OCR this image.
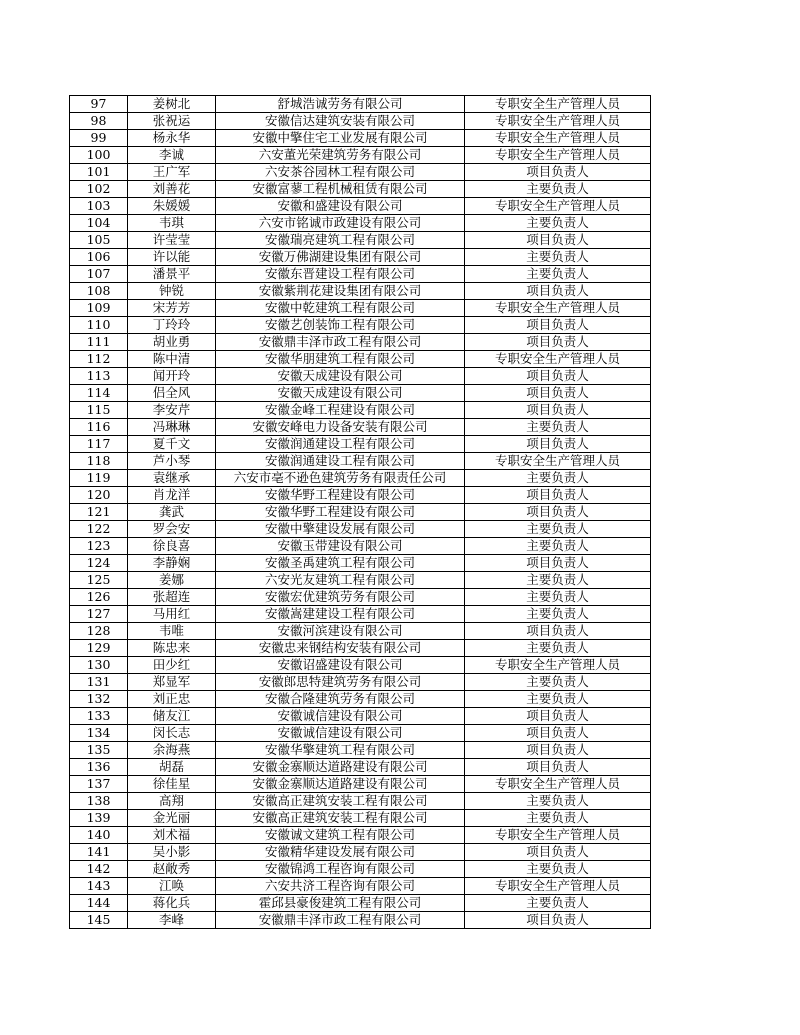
97	姜树北	舒城浩诚劳务有限公司	专职安全生产管理人员
98	张祝运	安徽信达建筑安装有限公司	专职安全生产管理人员
99	杨永华	安徽中擎住宅工业发展有限公司	专职安全生产管理人员
100	李诚	六安董光荣建筑劳务有限公司	专职安全生产管理人员
101	王广军	六安茶谷园林工程有限公司	项目负责人
102	刘善花	安徽富蓼工程机械租赁有限公司	主要负责人
103	朱媛媛	安徽和盛建设有限公司	专职安全生产管理人员
104	韦琪	六安市铭诚市政建设有限公司	主要负责人
105	许莹莹	安徽瑞亮建筑工程有限公司	项目负责人
106	许以能	安徽万佛湖建设集团有限公司	主要负责人
107	潘景平	安徽东晋建设工程有限公司	主要负责人
108	钟锐	安徽紫荆花建设集团有限公司	项目负责人
109	宋芳芳	安徽中乾建筑工程有限公司	专职安全生产管理人员
110	丁玲玲	安徽艺创装饰工程有限公司	项目负责人
111	胡业勇	安徽鼎丰泽市政工程有限公司	项目负责人
112	陈中清	安徽华朋建筑工程有限公司	专职安全生产管理人员
113	闻开玲	安徽天成建设有限公司	项目负责人
114	侣全风	安徽天成建设有限公司	项目负责人
115	李安芹	安徽金峰工程建设有限公司	项目负责人
116	冯琳琳	安徽安峰电力设备安装有限公司	主要负责人
117	夏千文	安徽润通建设工程有限公司	项目负责人
118	芦小琴	安徽润通建设工程有限公司	专职安全生产管理人员
119	袁继承	六安市亳不逊色建筑劳务有限责任公司	主要负责人
120	肖龙洋	安徽华野工程建设有限公司	项目负责人
121	龚武	安徽华野工程建设有限公司	项目负责人
122	罗会安	安徽中擎建设发展有限公司	主要负责人
123	徐良喜	安徽玉带建设有限公司	主要负责人
124	李静娴	安徽圣禹建筑工程有限公司	项目负责人
125	姜娜	六安光友建筑工程有限公司	主要负责人
126	张超连	安徽宏优建筑劳务有限公司	主要负责人
127	马用红	安徽嵩建建设工程有限公司	主要负责人
128	韦唯	安徽河滨建设有限公司	项目负责人
129	陈忠来	安徽忠来钢结构安装有限公司	主要负责人
130	田少红	安徽诏盛建设有限公司	专职安全生产管理人员
131	郑显军	安徽郎思特建筑劳务有限公司	主要负责人
132	刘正忠	安徽合隆建筑劳务有限公司	主要负责人
133	储友江	安徽诚信建设有限公司	项目负责人
134	闵长志	安徽诚信建设有限公司	项目负责人
135	余海燕	安徽华擎建筑工程有限公司	项目负责人
136	胡磊	安徽金寨顺达道路建设有限公司	项目负责人
137	徐佳星	安徽金寨顺达道路建设有限公司	专职安全生产管理人员
138	高翔	安徽高正建筑安装工程有限公司	主要负责人
139	金光丽	安徽高正建筑安装工程有限公司	主要负责人
140	刘术福	安徽诚文建筑工程有限公司	专职安全生产管理人员
141	吴小影	安徽精华建设发展有限公司	项目负责人
142	赵敞秀	安徽锦鸿工程咨询有限公司	主要负责人
143	江唤	六安共济工程咨询有限公司	专职安全生产管理人员
144	蒋化兵	霍邱县豪俊建筑工程有限公司	主要负责人
145	李峰	安徽鼎丰泽市政工程有限公司	项目负责人
